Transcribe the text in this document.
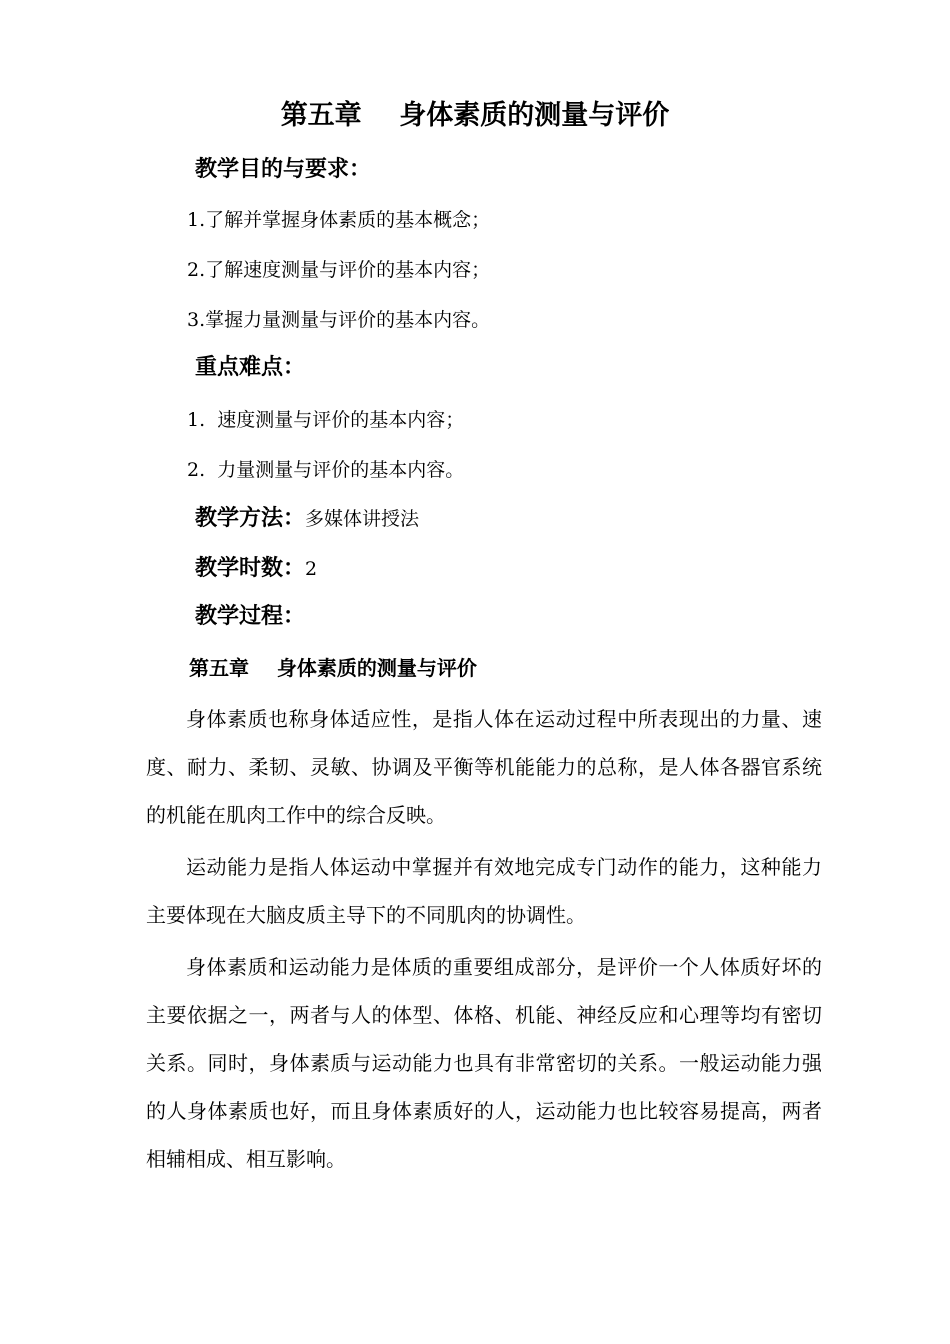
第五章    身体素质的测量与评价
教学目的与要求：
1.了解并掌握身体素质的基本概念；
2.了解速度测量与评价的基本内容；
3.掌握力量测量与评价的基本内容。
重点难点：
1.  速度测量与评价的基本内容；
2.  力量测量与评价的基本内容。
教学方法：多媒体讲授法
教学时数：2
教学过程：
第五章    身体素质的测量与评价

身体素质也称身体适应性，是指人体在运动过程中所表现出的力量、速度、耐力、柔韧、灵敏、协调及平衡等机能能力的总称，是人体各器官系统的机能在肌肉工作中的综合反映。

运动能力是指人体运动中掌握并有效地完成专门动作的能力，这种能力主要体现在大脑皮质主导下的不同肌肉的协调性。

身体素质和运动能力是体质的重要组成部分，是评价一个人体质好坏的主要依据之一，两者与人的体型、体格、机能、神经反应和心理等均有密切关系。同时，身体素质与运动能力也具有非常密切的关系。一般运动能力强的人身体素质也好，而且身体素质好的人，运动能力也比较容易提高，两者相辅相成、相互影响。
